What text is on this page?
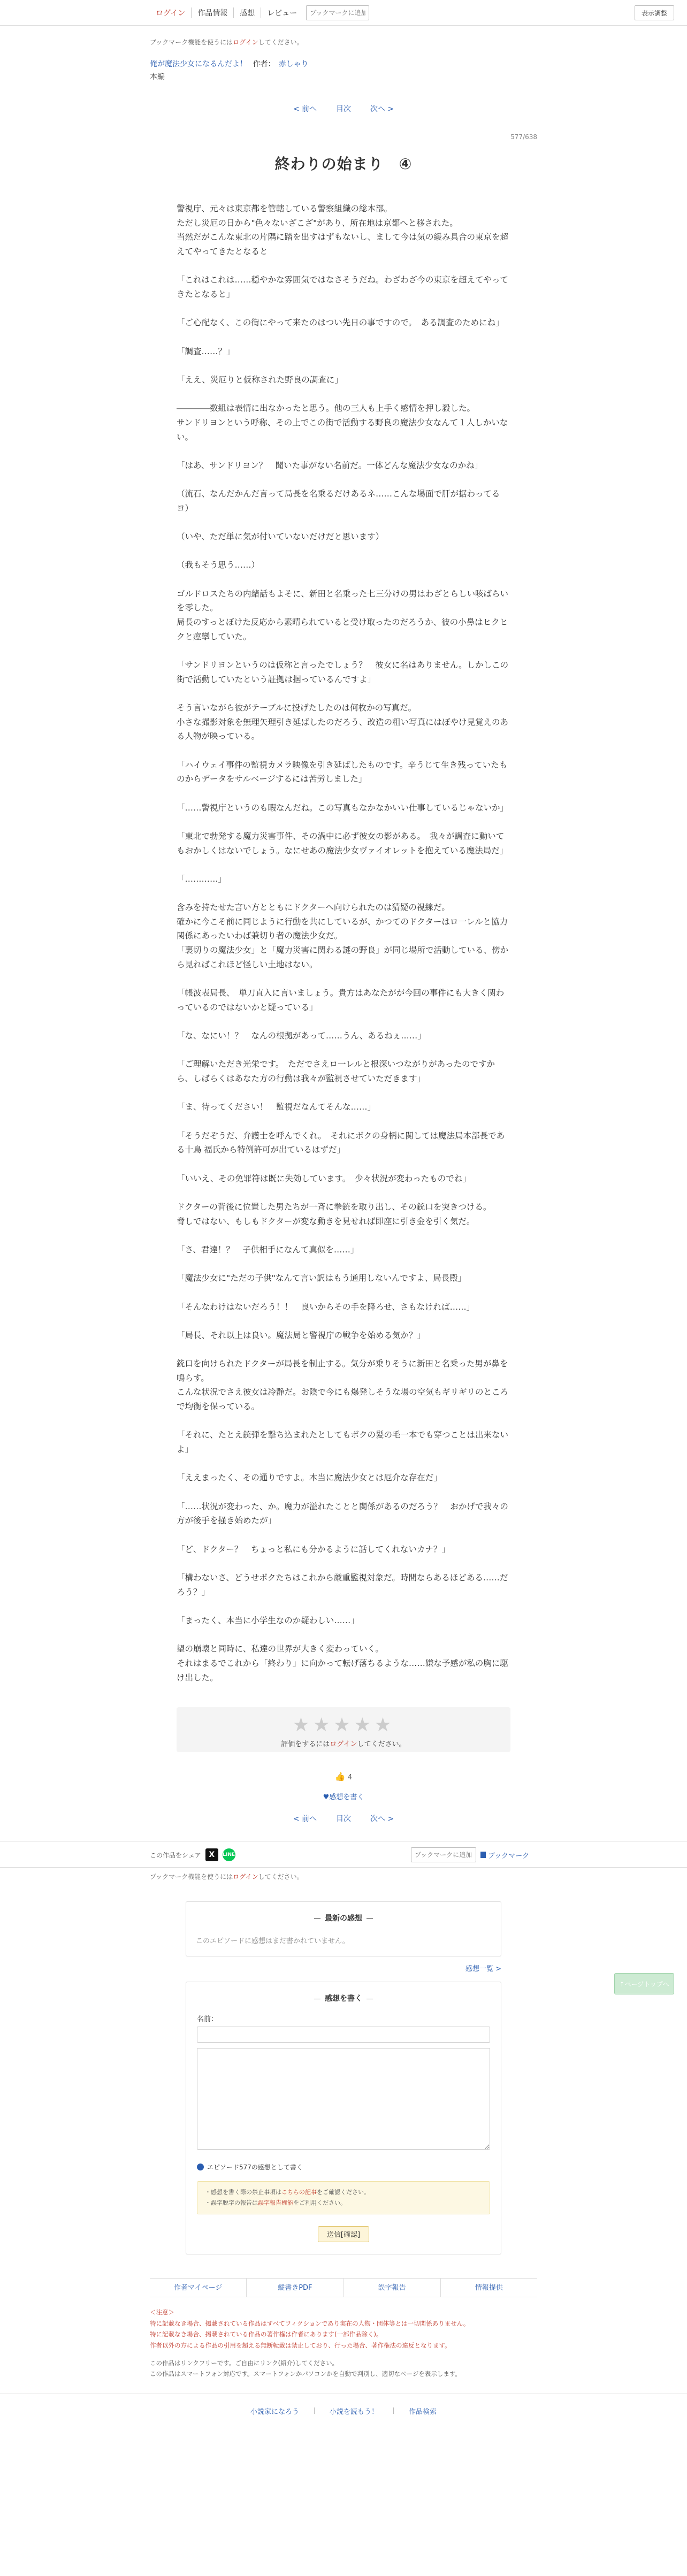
ログイン	作品情報	感想	レビュー
ブックマークに追加	表示調整
ブックマーク機能を使うにはログインしてください。
俺が魔法少女になるんだよ！ 作者： 赤しゃり
本編
< 前へ	目次	次へ >
577/638
終わりの始まり　④

警視庁、元々は東京都を管轄している警察組織の総本部。

ただし災厄の日から"色々ないざこざ"があり、所在地は京都へと移された。

当然だがこんな東北の片隅に踏を出すはずもないし、まして今は気の緩み具合の東京を超えてやってきたとなると

「これはこれは……穏やかな雰囲気ではなさそうだね。わざわざ今の東京を超えてやってきたとなると」

「ご心配なく、この街にやって来たのはつい先日の事ですので。　ある調査のためにね」

「調査……？」

「ええ、災厄りと仮称された野良の調査に」

――――数組は表情に出なかったと思う。他の三人も上手く感情を押し殺した。

サンドリヨンという呼称、その上でこの街で活動する野良の魔法少女なんて１人しかいない。

「はあ、サンドリヨン？　聞いた事がない名前だ。一体どんな魔法少女なのかね」

（流石、なんだかんだ言って局長を名乗るだけあるネ……こんな場面で肝が据わってるヨ）

（いや、ただ単に気が付いていないだけだと思います）

（我もそう思う……）

ゴルドロスたちの内緒話もよそに、新田と名乗った七三分けの男はわざとらしい咳ばらいを零した。

局長のすっとぼけた反応から素晴られていると受け取ったのだろうか、彼の小鼻はヒクヒクと痙攣していた。

「サンドリヨンというのは仮称と言ったでしょう？　彼女に名はありません。しかしこの街で活動していたという証拠は掴っているんですよ」

そう言いながら彼がテーブルに投げたしたのは何枚かの写真だ。

小さな撮影対象を無理矢理引き延ばしたのだろう、改造の粗い写真にはぼやけ見覚えのある人物が映っている。

「ハイウェイ事件の監視カメラ映像を引き延ばしたものです。辛うじて生き残っていたものからデータをサルベージするには苦労しました」

「……警視庁というのも暇なんだね。この写真もなかなかいい仕事しているじゃないか」

「東北で勃発する魔力災害事件、その渦中に必ず彼女の影がある。　我々が調査に動いてもおかしくはないでしょう。なにせあの魔法少女ヴァイオレットを抱えている魔法局だ」

「…………」

含みを持たせた言い方とともにドクターへ向けられたのは猜疑の視線だ。

確かに今こそ前に同じように行動を共にしているが、かつてのドクターはロ一レルと協力関係にあったいわば兼切り者の魔法少女だ。

「裏切りの魔法少女」と「魔力災害に関わる謎の野良」が同じ場所で活動している、傍から見ればこれほど怪しい土地はない。

「帳波表局長、　単刀直入に言いましょう。貴方はあなたがが今回の事件にも大きく関わっているのではないかと疑っている」

「な、なにい！？　なんの根拠があって……うん、あるねぇ……」

「ご理解いただき光栄です。　ただでさえロ一レルと根深いつながりがあったのですから、しばらくはあなた方の行動は我々が監視させていただきます」

「ま、待ってください！　監視だなんてそんな……」

「そうだぞうだ、弁護士を呼んでくれ。　それにボクの身柄に関しては魔法局本部長である十鳥 福氏から特例許可が出ているはずだ」

「いいえ、その免罪符は既に失効しています。　少々状況が変わったものでね」

ドクターの背後に位置した男たちが一斉に拳銃を取り出し、その銃口を突きつける。

脅しではない、もしもドクターが変な動きを見せれば即座に引き金を引く気だ。

「さ、君達！？　子供相手になんて真似を……」

「魔法少女に"ただの子供"なんて言い訳はもう通用しないんですよ、局長殿」

「そんなわけはないだろう！！　良いからその手を降ろせ、さもなければ……」

「局長、それ以上は良い。魔法局と警視庁の戦争を始める気か？」

銃口を向けられたドクターが局長を制止する。気分が乗りそうに新田と名乗った男が鼻を鳴らす。

こんな状況でさえ彼女は冷静だ。お陰で今にも爆発しそうな場の空気もギリギリのところで均衡を保っている。

「それに、たとえ銃弾を撃ち込まれたとしてもボクの髪の毛一本でも穿つことは出来ないよ」

「ええまったく、その通りですよ。本当に魔法少女とは厄介な存在だ」

「……状況が変わった、か。魔力が溢れたことと関係があるのだろう？　おかげで我々の方が後手を掻き始めたが」

「ど、ドクター？　ちょっと私にも分かるように話してくれないカナ？」

「構わないさ、どうせボクたちはこれから厳重監視対象だ。時間ならあるほどある……だろう？」

「まったく、本当に小学生なのか疑わしい……」

望の崩壊と同時に、私達の世界が大きく変わっていく。

それはまるでこれから「終わり」に向かって転げ落ちるような……嫌な予感が私の胸に駆け出した。

★★★★★
評価をするにはログインしてください。
👍 4
♥感想を書く
< 前へ	目次	次へ >
↑ページトップへ
この作品をシェア	X	LINE
ブックマークに追加	ブックマーク
ブックマーク機能を使うにはログインしてください。
最新の感想
このエピソードに感想はまだ書かれていません。
感想一覧 >
感想を書く
名前：

エピソード577の感想として書く
・感想を書く際の禁止事項はこちらの記事をご確認ください。
・誤字脱字の報告は誤字報告機能をご利用ください。
送信[確認]
作者マイページ	縦書きPDF	誤字報告	情報提供
＜注意＞
特に記載なき場合、掲載されている作品はすべてフィクションであり実在の人物・団体等とは一切関係ありません。
特に記載なき場合、掲載されている作品の著作権は作者にあります(一部作品除く)。
作者以外の方による作品の引用を超える無断転載は禁止しており、行った場合、著作権法の違反となります。
この作品はリンクフリーです。ご自由にリンク(紹介)してください。
この作品はスマートフォン対応です。スマートフォンかパソコンかを自動で判別し、適切なページを表示します。
小説家になろう	小説を読もう！	作品検索
